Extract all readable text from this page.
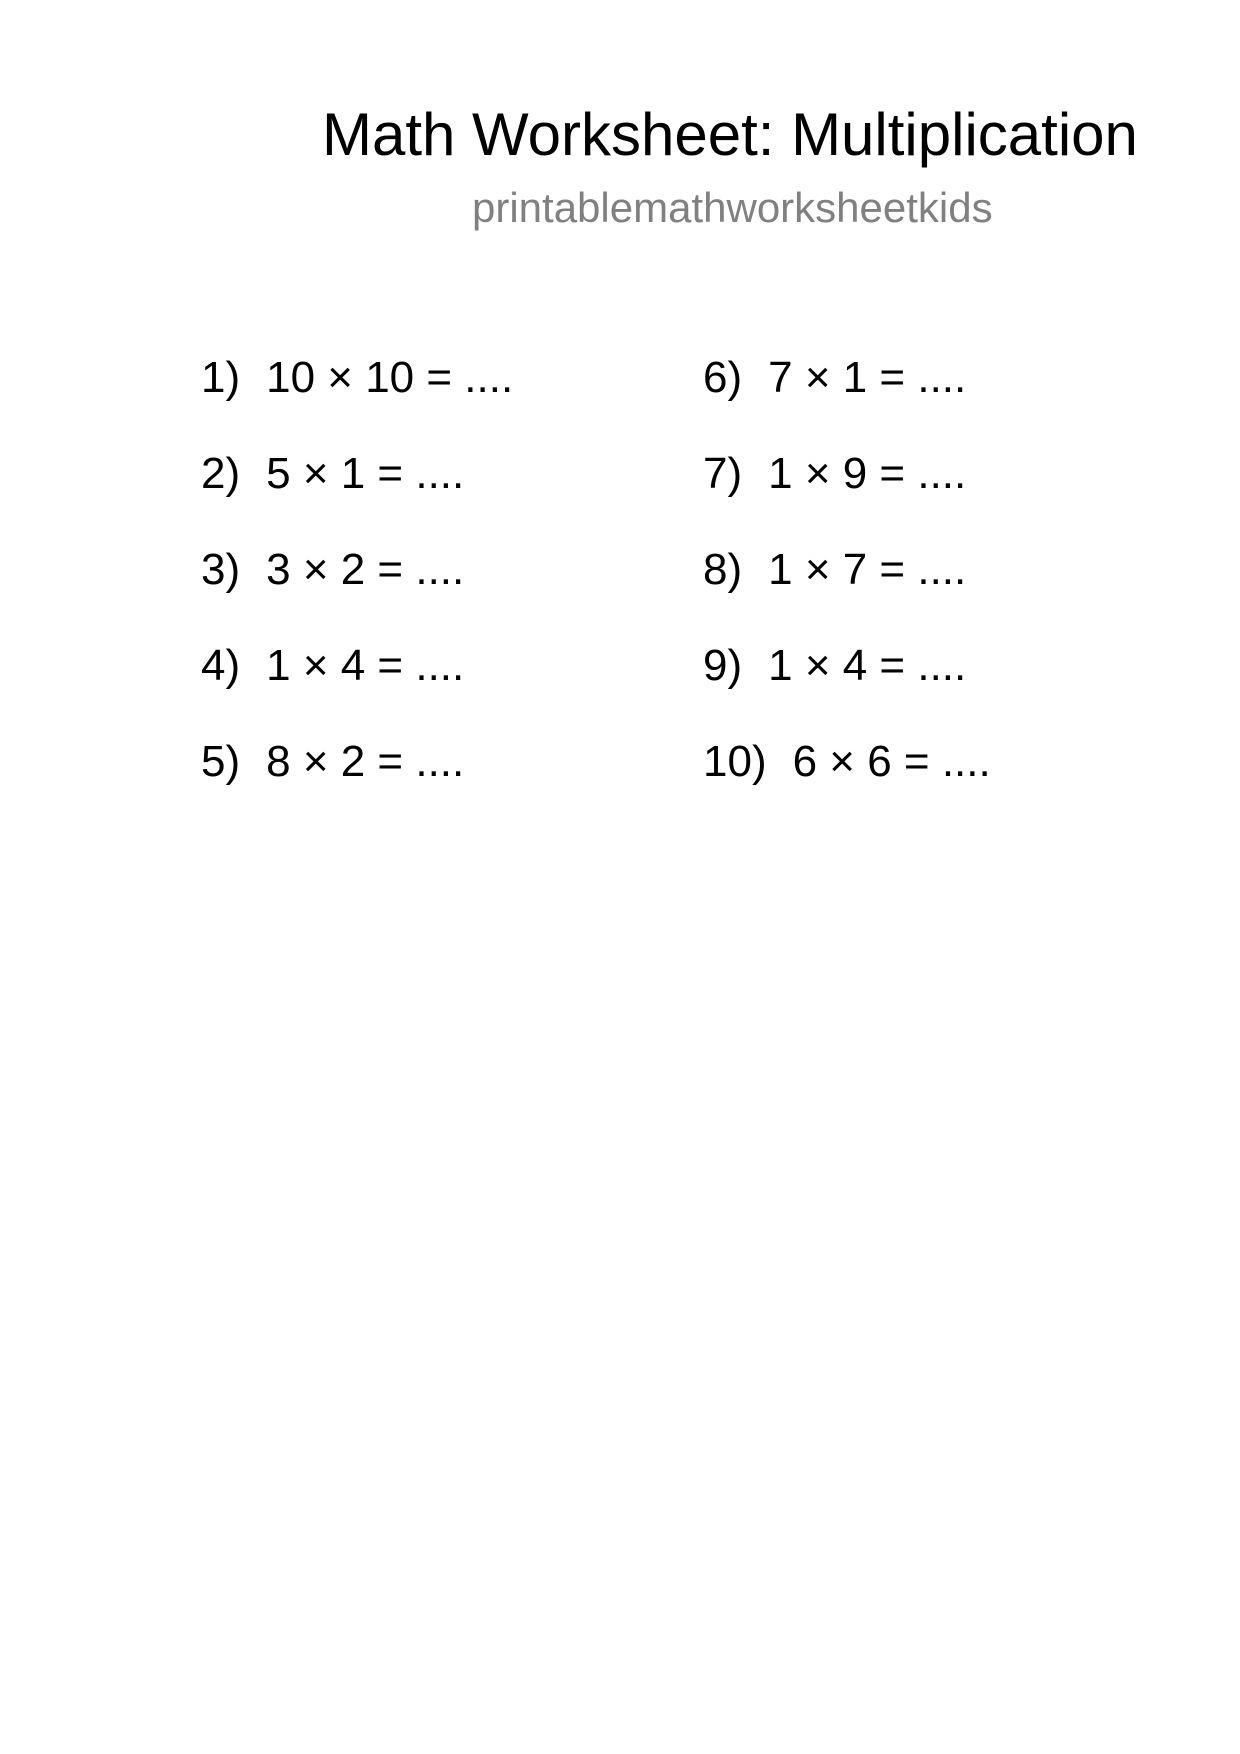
Math Worksheet: Multiplication
printablemathworksheetkids
1) 10 × 10 = ....
2) 5 × 1 = ....
3) 3 × 2 = ....
4) 1 × 4 = ....
5) 8 × 2 = ....
6) 7 × 1 = ....
7) 1 × 9 = ....
8) 1 × 7 = ....
9) 1 × 4 = ....
10) 6 × 6 = ....
